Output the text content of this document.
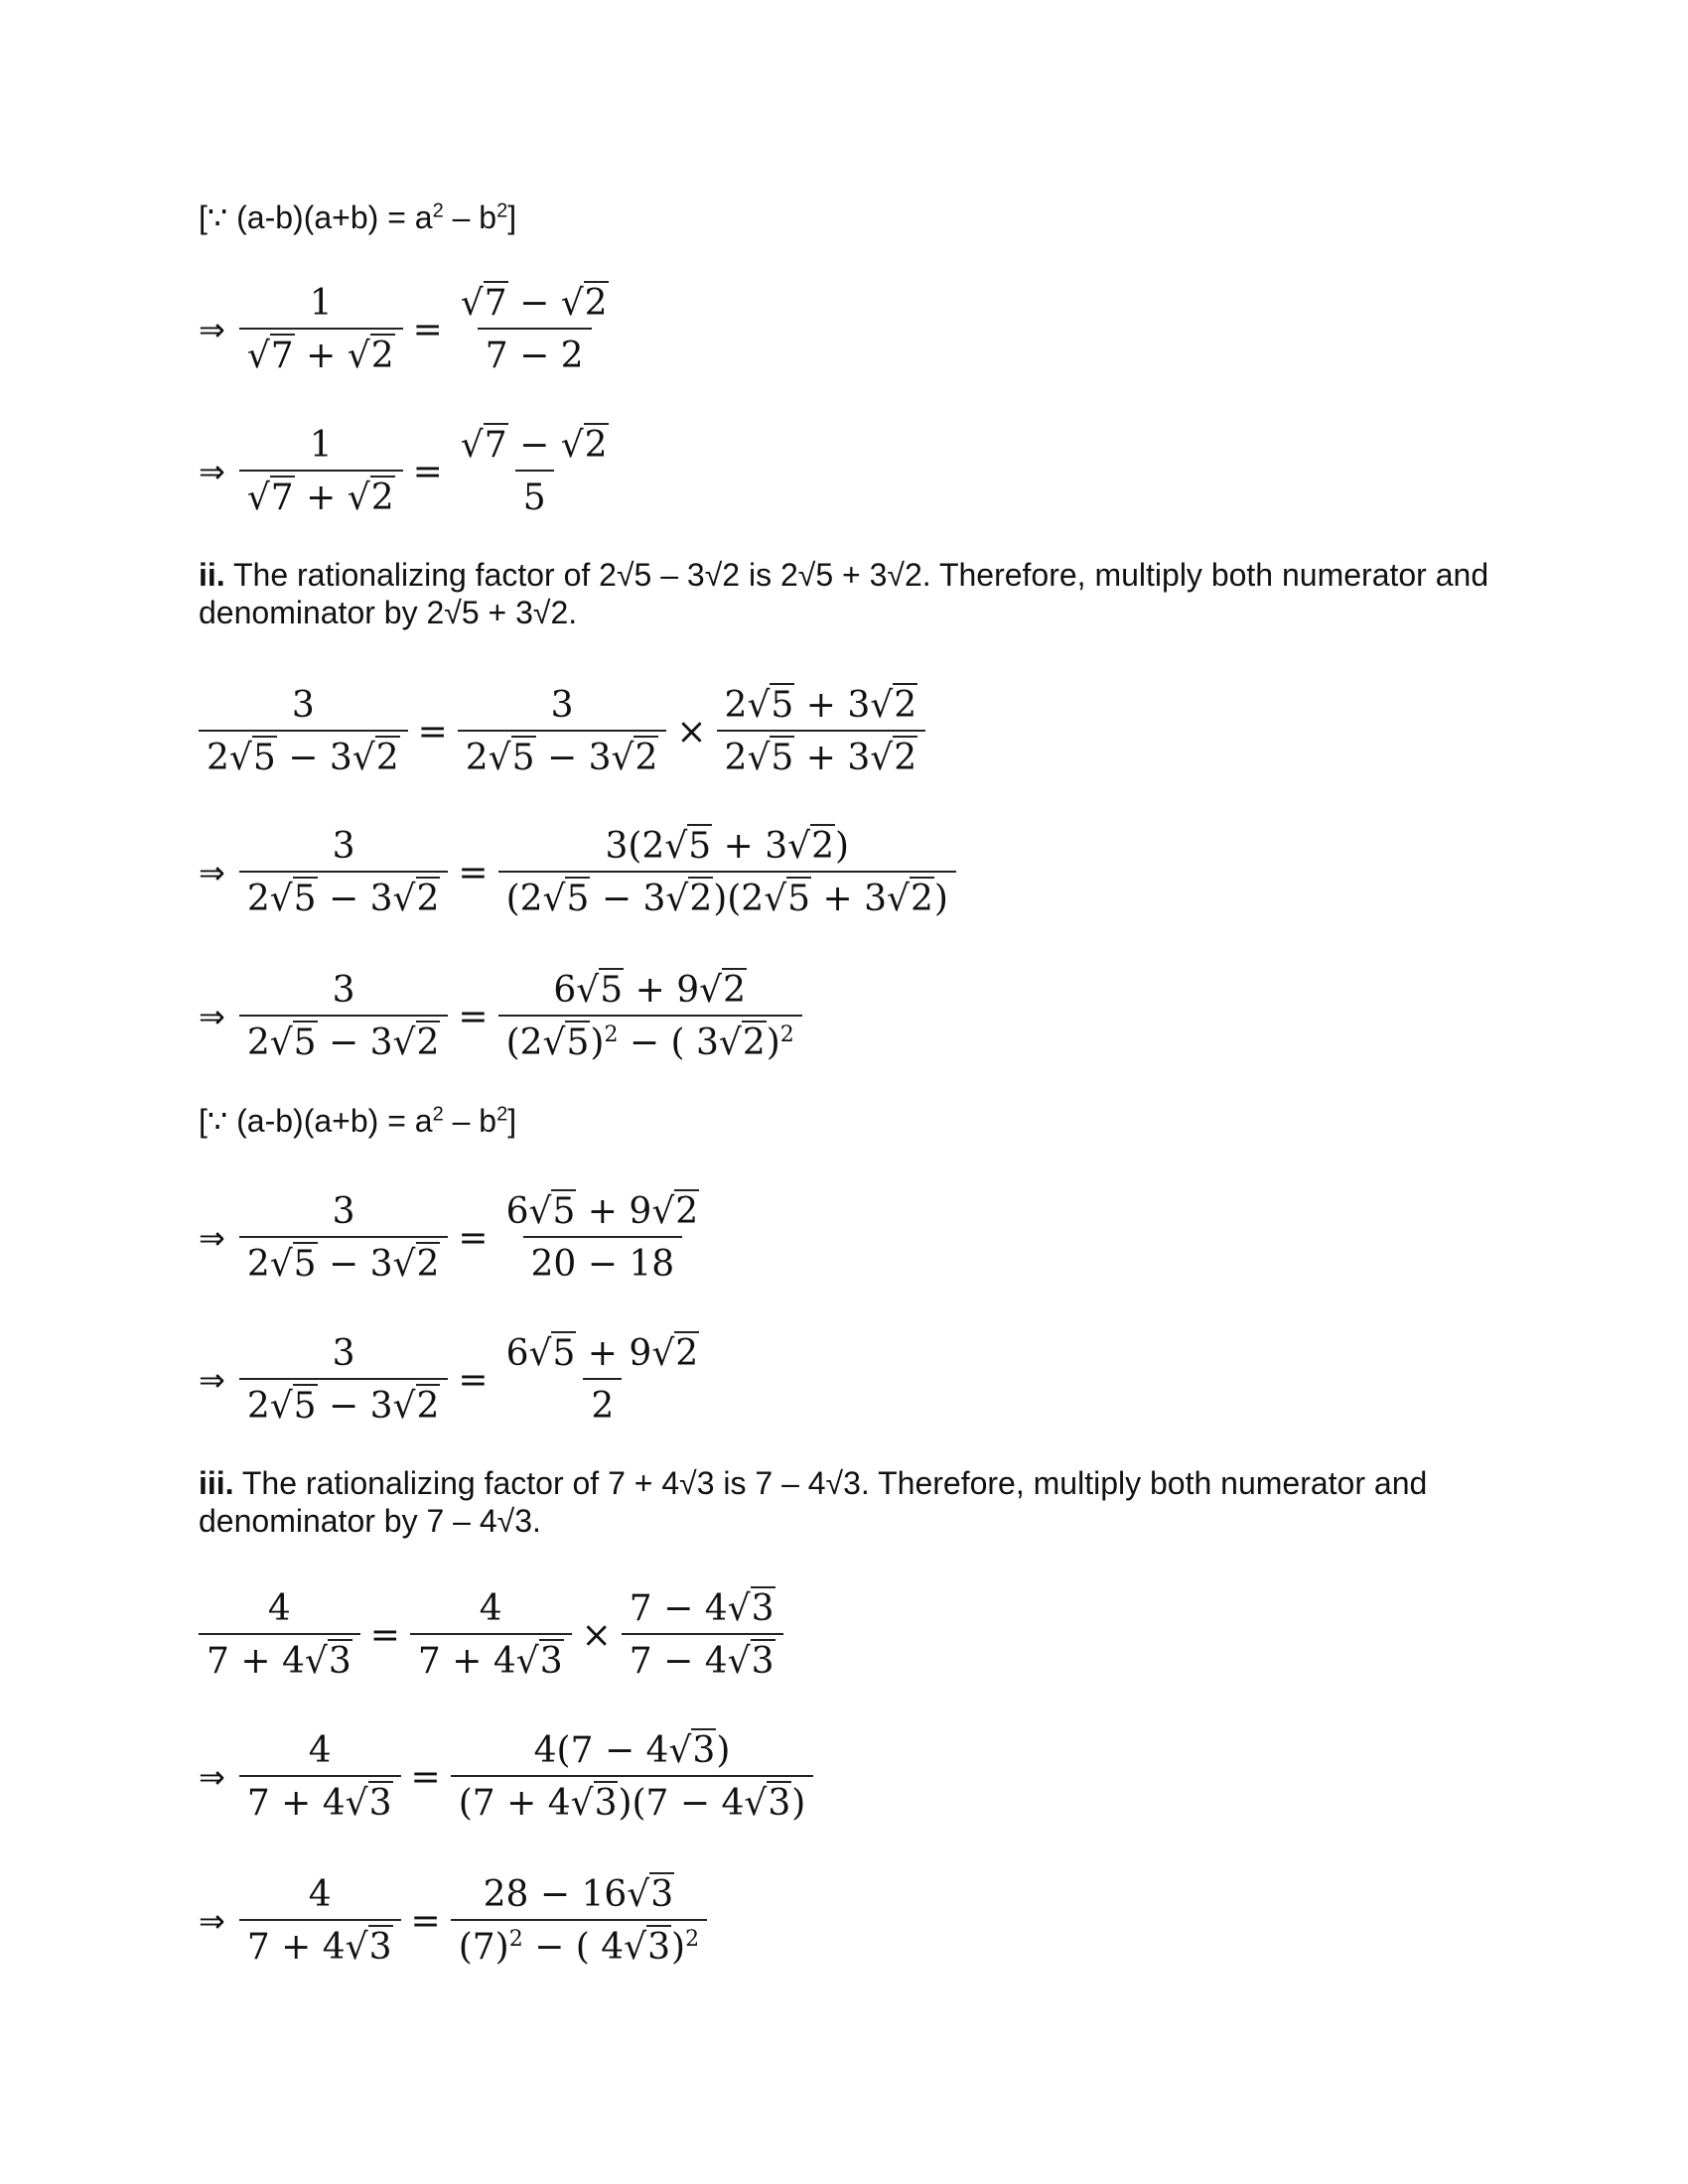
[∵ $(a-b)(a+b) = a^2 - b^2$]
⇒ $\frac{1}{√7 + √2} = \frac{√7 - √2}{7 - 2}$
⇒ $\frac{1}{√7 + √2} = \frac{√7 - √2}{5}$
ii. The rationalizing factor of 2√5 – 3√2 is 2√5 + 3√2. Therefore, multiply both numerator and denominator by 2√5 + 3√2.
$\frac{3}{2√5 - 3√2} = \frac{3}{2√5 - 3√2} \times \frac{2√5 + 3√2}{2√5 + 3√2}$
⇒ $\frac{3}{2√5 - 3√2} = \frac{3(2√5 + 3√2)}{(2√5 - 3√2)(2√5 + 3√2)}$
⇒ $\frac{3}{2√5 - 3√2} = \frac{6√5 + 9√2}{(2√5)^2 - ( 3√2)^2}$
[∵ $(a-b)(a+b) = a^2 - b^2$]
⇒ $\frac{3}{2√5 - 3√2} = \frac{6√5 + 9√2}{20 - 18}$
⇒ $\frac{3}{2√5 - 3√2} = \frac{6√5 + 9√2}{2}$
iii. The rationalizing factor of 7 + 4√3 is 7 – 4√3. Therefore, multiply both numerator and denominator by 7 – 4√3.
$\frac{4}{7 + 4√3} = \frac{4}{7 + 4√3} \times \frac{7 - 4√3}{7 - 4√3}$
⇒ $\frac{4}{7 + 4√3} = \frac{4(7 - 4√3)}{(7 + 4√3)(7 - 4√3)}$
⇒ $\frac{4}{7 + 4√3} = \frac{28 - 16√3}{(7)^2 - ( 4√3)^2}$
